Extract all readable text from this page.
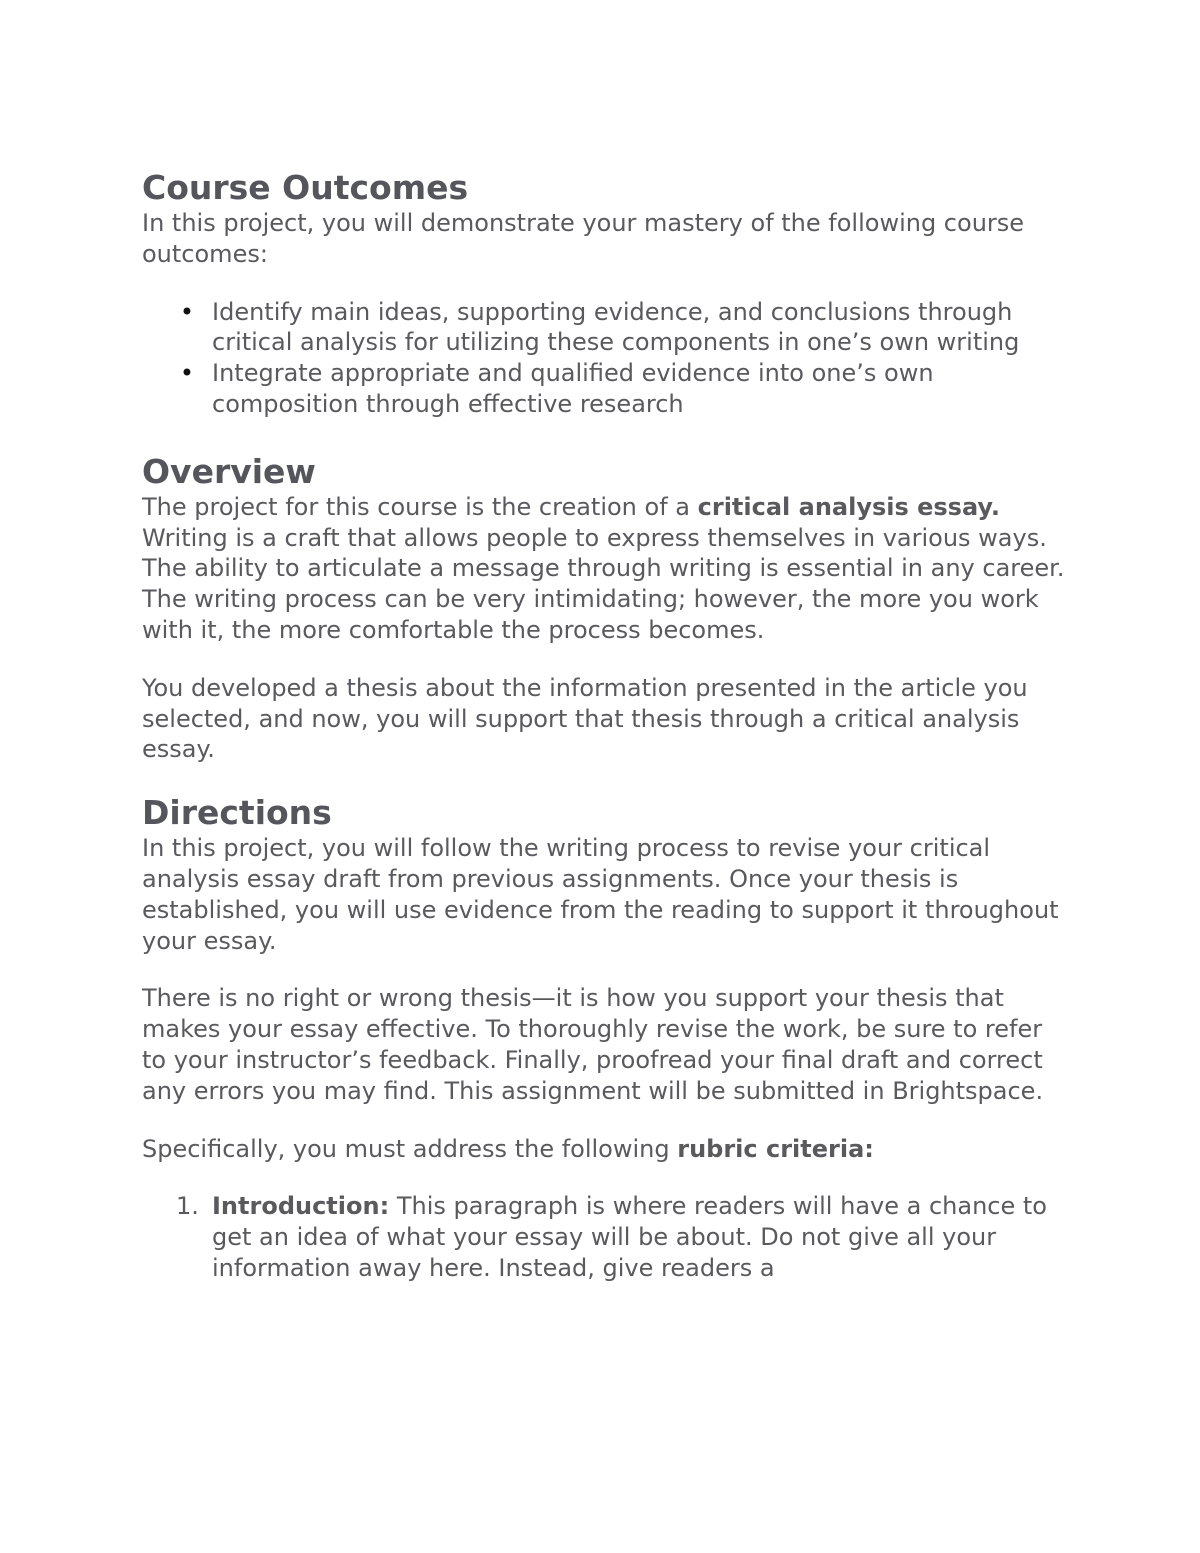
Course Outcomes

In this project, you will demonstrate your mastery of the following course outcomes:

• Identify main ideas, supporting evidence, and conclusions through critical analysis for utilizing these components in one’s own writing
• Integrate appropriate and qualified evidence into one’s own composition through effective research
Overview

The project for this course is the creation of a critical analysis essay. Writing is a craft that allows people to express themselves in various ways. The ability to articulate a message through writing is essential in any career. The writing process can be very intimidating; however, the more you work with it, the more comfortable the process becomes.

You developed a thesis about the information presented in the article you selected, and now, you will support that thesis through a critical analysis essay.

Directions

In this project, you will follow the writing process to revise your critical analysis essay draft from previous assignments. Once your thesis is established, you will use evidence from the reading to support it throughout your essay.

There is no right or wrong thesis—it is how you support your thesis that makes your essay effective. To thoroughly revise the work, be sure to refer to your instructor’s feedback. Finally, proofread your final draft and correct any errors you may find. This assignment will be submitted in Brightspace.

Specifically, you must address the following rubric criteria:

1. Introduction: This paragraph is where readers will have a chance to get an idea of what your essay will be about. Do not give all your information away here. Instead, give readers a
